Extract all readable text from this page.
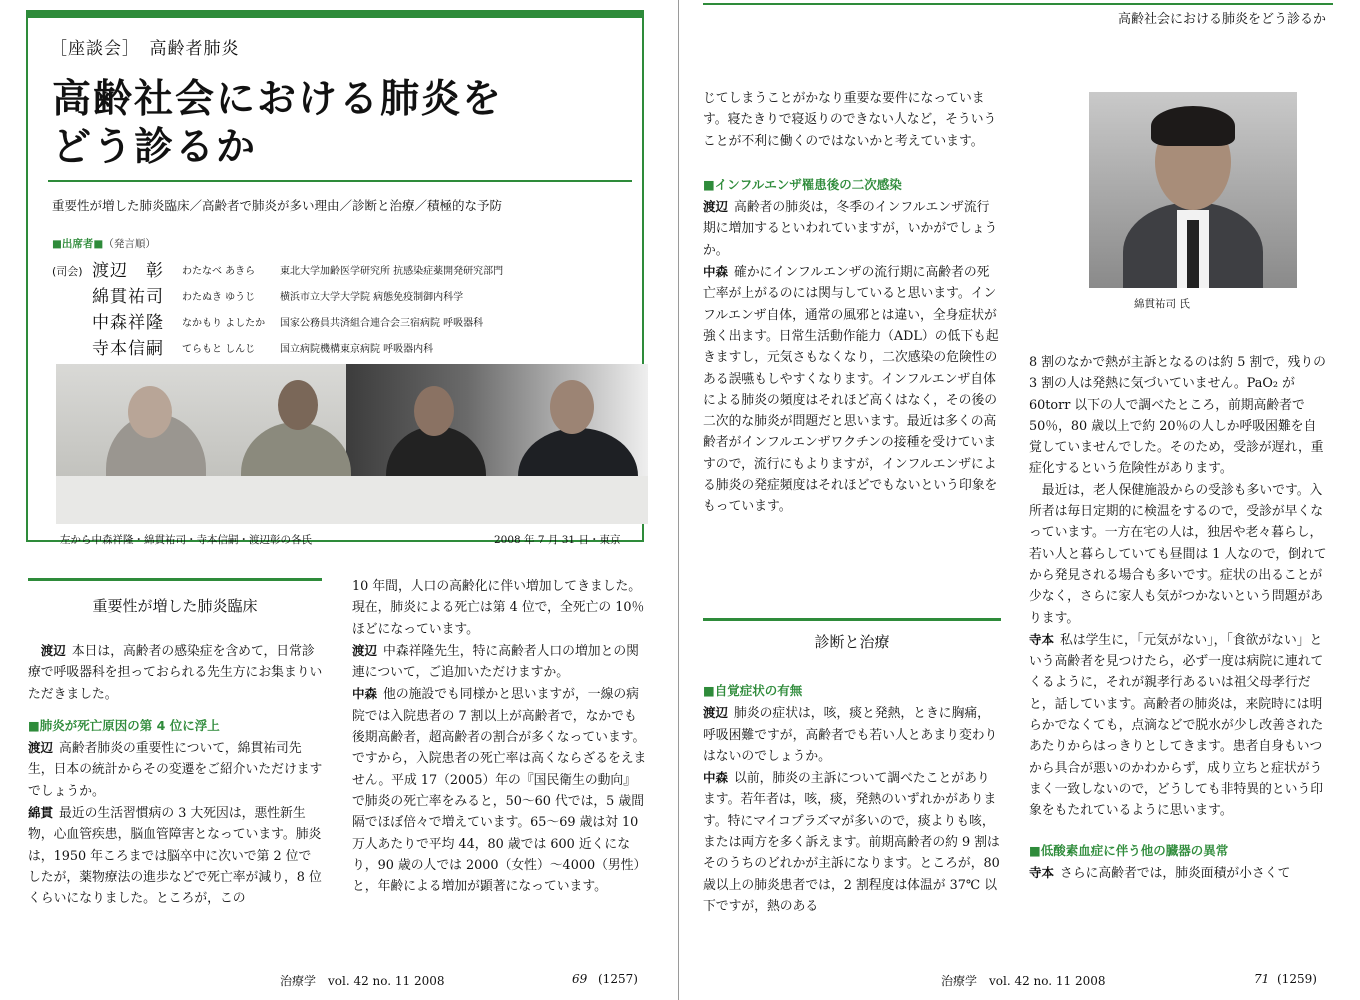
［座談会］　高齢者肺炎
高齢社会における肺炎を
どう診るか
重要性が増した肺炎臨床／高齢者で肺炎が多い理由／診断と治療／積極的な予防
■出席者■（発言順）
(司会) 渡辺　彰 わたなべ あきら 東北大学加齢医学研究所 抗感染症薬開発研究部門
綿貫祐司 わたぬき ゆうじ 横浜市立大学大学院 病態免疫制御内科学
中森祥隆 なかもり よしたか 国家公務員共済組合連合会三宿病院 呼吸器科
寺本信嗣 てらもと しんじ 国立病院機構東京病院 呼吸器内科
左から中森祥隆・綿貫祐司・寺本信嗣・渡辺彰の各氏	2008 年 7 月 31 日・東京
重要性が増した肺炎臨床

渡辺 本日は，高齢者の感染症を含めて，日常診療で呼吸器科を担っておられる先生方にお集まりいただきました。

■肺炎が死亡原因の第 4 位に浮上

渡辺 高齢者肺炎の重要性について，綿貫祐司先生，日本の統計からその変遷をご紹介いただけますでしょうか。

綿貫 最近の生活習慣病の 3 大死因は，悪性新生物，心血管疾患，脳血管障害となっています。肺炎は，1950 年ころまでは脳卒中に次いで第 2 位でしたが，薬物療法の進歩などで死亡率が減り，8 位くらいになりました。ところが，この

10 年間，人口の高齢化に伴い増加してきました。現在，肺炎による死亡は第 4 位で，全死亡の 10％ほどになっています。

渡辺 中森祥隆先生，特に高齢者人口の増加との関連について，ご追加いただけますか。

中森 他の施設でも同様かと思いますが，一線の病院では入院患者の 7 割以上が高齢者で，なかでも後期高齢者，超高齢者の割合が多くなっています。ですから，入院患者の死亡率は高くならざるをえません。平成 17（2005）年の『国民衛生の動向』で肺炎の死亡率をみると，50〜60 代では，5 歳間隔でほぼ倍々で増えています。65〜69 歳は対 10 万人あたりで平均 44，80 歳では 600 近くになり，90 歳の人では 2000（女性）〜4000（男性）と，年齢による増加が顕著になっています。

治療学　vol. 42 no. 11 2008	69 (1257)
高齢社会における肺炎をどう診るか

じてしまうことがかなり重要な要件になっています。寝たきりで寝返りのできない人など，そういうことが不利に働くのではないかと考えています。

■インフルエンザ罹患後の二次感染

渡辺 高齢者の肺炎は，冬季のインフルエンザ流行期に増加するといわれていますが，いかがでしょうか。

中森 確かにインフルエンザの流行期に高齢者の死亡率が上がるのには関与していると思います。インフルエンザ自体，通常の風邪とは違い，全身症状が強く出ます。日常生活動作能力（ADL）の低下も起きますし，元気さもなくなり，二次感染の危険性のある誤嚥もしやすくなります。インフルエンザ自体による肺炎の頻度はそれほど高くはなく，その後の二次的な肺炎が問題だと思います。最近は多くの高齢者がインフルエンザワクチンの接種を受けていますので，流行にもよりますが，インフルエンザによる肺炎の発症頻度はそれほどでもないという印象をもっています。

診断と治療

■自覚症状の有無

渡辺 肺炎の症状は，咳，痰と発熱，ときに胸痛，呼吸困難ですが，高齢者でも若い人とあまり変わりはないのでしょうか。

中森 以前，肺炎の主訴について調べたことがあります。若年者は，咳，痰，発熱のいずれかがあります。特にマイコプラズマが多いので，痰よりも咳，または両方を多く訴えます。前期高齢者の約 9 割はそのうちのどれかが主訴になります。ところが，80 歳以上の肺炎患者では，2 割程度は体温が 37℃ 以下ですが，熱のある

綿貫祐司 氏

8 割のなかで熱が主訴となるのは約 5 割で，残りの 3 割の人は発熱に気づいていません。PaO₂ が 60torr 以下の人で調べたところ，前期高齢者で 50％，80 歳以上で約 20％の人しか呼吸困難を自覚していませんでした。そのため，受診が遅れ，重症化するという危険性があります。

最近は，老人保健施設からの受診も多いです。入所者は毎日定期的に検温をするので，受診が早くなっています。一方在宅の人は，独居や老々暮らし，若い人と暮らしていても昼間は 1 人なので，倒れてから発見される場合も多いです。症状の出ることが少なく，さらに家人も気がつかないという問題があります。

寺本 私は学生に，「元気がない」，「食欲がない」という高齢者を見つけたら，必ず一度は病院に連れてくるように，それが親孝行あるいは祖父母孝行だと，話しています。高齢者の肺炎は，来院時には明らかでなくても，点滴などで脱水が少し改善されたあたりからはっきりとしてきます。患者自身もいつから具合が悪いのかわからず，成り立ちと症状がうまく一致しないので，どうしても非特異的という印象をもたれているように思います。

■低酸素血症に伴う他の臓器の異常

寺本 さらに高齢者では，肺炎面積が小さくて

治療学　vol. 42 no. 11 2008	71 (1259)
